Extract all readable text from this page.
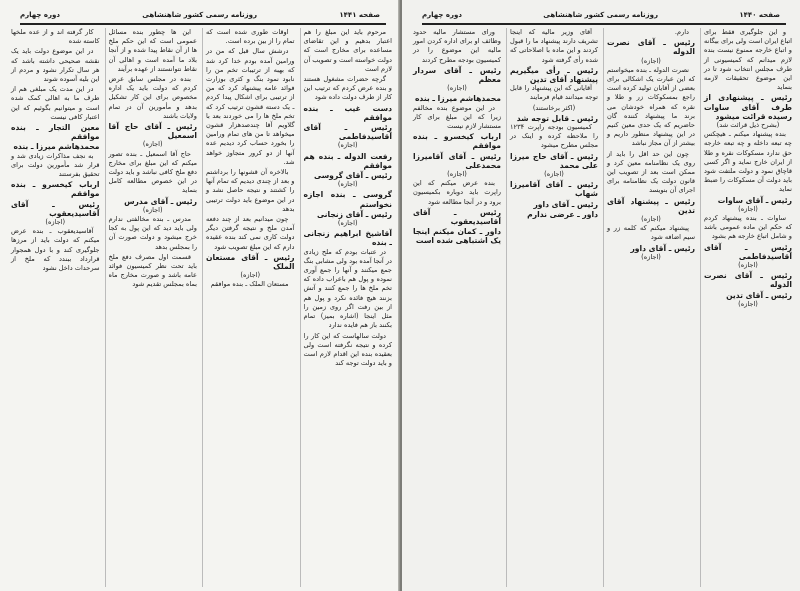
صفحه ۱۴۴۱
روزنامه رسمی کشور شاهنشاهی
دوره چهارم

مرحوم باید این مبلغ را هم اعتبار بدهیم و این تقاضای مساعده برای مخارج است که دولت خواسته است و تصویب آن لازم است

گرچه حضرات مشغول هستند و بنده عرض کردم که ترتیب این کار از طرف دولت داده شود

دست غیب ـ بنده موافقم

رئیس ـ آقای آقاسیدفاطمی

(اجازه)

رفعت الدوله ـ بنده هم موافقم

رئیس ـ آقای گروسی

(اجازه)

گروسی ـ بنده اجازه نخواستم

رئیس ـ آقای زنجانی

(اجازه)

آقاشیخ ابراهیم زنجانی ـ بنده

در عتبات بودم که ملح زیادی در آنجا آمده بود ولی مشابی بنگ جمع میکنند و آنها را جمع آوری نموده و پول هم باعراب داده که تخم ملخ ها را جمع کنند و آتش بزنند هیچ فائده نکرد و پول هم از بین رفت اگر روی زمین را مثل اینجا (اشاره بمیز) تمام بکنند باز هم فایده ندارد

دولت سالهاست که این کار را کرده و نتیجه نگرفته است ولی بعقیده بنده این اقدام لازم است و باید دولت توجه کند

اوقات طوری شده است که تمام را از بین برده است.

درشش سال قبل که من در ورامین آمده بودم خدا کرد شد که بهبه از ترتیبات تخم من را نابود نمود بنگ و کثری بوزارت فوائد عامه پیشنهاد کرد که من از ترتیبی برای اشکال پیدا کردم ـ یک دسته قشون ترتیب کرد که تخم ملخ ها را می خوردند بعد با گلاویم آقا چندصدهزار قشون میخواهد تا من های تمام ورامین را بخورد حساب کرد دیدیم عده آنها از دو کرور متجاوز خواهد شد.

بالاخره آن قشونها را برداشتم و بعد از چندی دیدیم که تمام آنها را کشتند و نتیجه حاصل نشد و در این موضوع باید دولت ترتیبی بدهد

چون میدانیم بعد از چند دفعه آمدن ملخ و نتیجه گرفتن دیگر دولت کاری نمی کند بنده عقیده دارم که این مبلغ تصویب شود

رئیس ـ آقای مستعان الملک

(اجازه)

مستعان الملک ـ بنده موافقم

این ها چطور بنده مسائل عمومی است که این حکم ملخ ها از آن نقاط پیدا شده و از آنجا بلاد ما آمده است و اهالی آن نقاط نتوانستند از عهده برآیند

بنده در مجلس سابق عرض کردم که دولت باید یک اداره مخصوص برای این کار تشکیل بدهد و مأمورین آن در تمام ولایات باشند

رئیس ـ آقای حاج آقا اسمعیل

(اجازه)

حاج آقا اسمعیل ـ بنده تصور میکنم که این مبلغ برای مخارج دفع ملخ کافی نباشد و باید دولت در این خصوص مطالعه کامل بنماید

رئیس ـ آقای مدرس

(اجازه)

مدرس ـ بنده مخالفتی ندارم ولی باید دید که این پول به کجا خرج میشود و دولت صورت آن را بمجلس بدهد

قسمت اول مصرف دفع ملخ باید تحت نظر کمیسیون فوائد عامه باشد و صورت مخارج ماه بماه بمجلس تقدیم شود

کار گرفته اند و از عده ملخها کاسته شده

در این موضوع دولت باید یک نقشه صحیحی داشته باشد که هر سال تکرار نشود و مردم از این بلیه آسوده شوند

در این مدت یک مبلغی هم از طرف ما به اهالی کمک شده است و میتوانیم بگوئیم که این اعتبار کافی نیست

معین التجار ـ بنده موافقم

محمدهاشم میرزا ـ بنده

به نجف مذاکرات زیادی شد و قرار شد مأمورین دولت برای تحقیق بفرستند

ارباب کیخسرو ـ بنده موافقم

رئیس ـ آقای آقاسیدیعقوب

(اجازه)

آقاسیدیعقوب ـ بنده عرض میکنم که دولت باید از مرزها جلوگیری کند و با دول همجوار قرارداد ببندد که ملخ از سرحدات داخل نشود

صفحه ۱۴۴۰
روزنامه رسمی کشور شاهنشاهی
دوره چهارم

و این جلوگیری فقط برای اتباع ایران است ولی برای بیگانه و اتباع خارجه ممنوع نیست بنده لازم میدانم که کمیسیونی از طرف مجلس انتخاب شود تا در این موضوع تحقیقات لازمه بنماید

رئیس ـ پیشنهادی از طرف آقای ساوات رسیده قرائت میشود

(بشرح ذیل قرائت شد)

بنده پیشنهاد میکنم ـ هیچکس چه تبعه داخله و چه تبعه خارجه حق ندارد مسکوکات نقره و طلا از ایران خارج نماید و اگر کسی قاچاق نمود و دولت ملتفت شود باید دولت آن مسکوکات را ضبط نماید

رئیس ـ آقای ساوات

(اجازه)

ساوات ـ بنده پیشنهاد کردم که حکم این ماده عمومی باشد و شامل اتباع خارجه هم بشود

رئیس ـ آقای آقاسیدفاطمی

(اجازه)

رئیس ـ آقای نصرت الدوله

رئیس ـ آقای تدین

(اجازه)

دارم.

رئیس ـ آقای نصرت الدوله

(اجازه)

نصرت الدوله ـ بنده میخواستم که این عبارت یک اشکالی برای بعضی از آقایان تولید کرده است راجع بمسکوکات زر و طلا و نقره که همراه خودشان می برند ما پیشنهاد کننده گان حاضریم که یک حدی معین کنیم در این پیشنهاد منظور داریم و بیشتر از آن مجاز نباشد

چون این حد اقل را باید از روی یک نظامنامه معین کرد و ممکن است بعد از تصویب این قانون دولت یک نظامنامه برای اجرای آن بنویسد

رئیس ـ پیشنهاد آقای تدین

(اجازه)

پیشنهاد میکنم که کلمه زر و سیم اضافه شود

رئیس ـ آقای داور

(اجازه)

آقای وزیر مالیه که اینجا تشریف دارند پیشنهاد ما را قبول کردند و این ماده با اصلاحاتی که شده رأی گرفته شود

رئیس ـ رأی میگیریم پیشنهاد آقای تدین

آقایانی که این پیشنهاد را قابل توجه میدانند قیام فرمایند

(اکثر برخاستند)

رئیس ـ قابل توجه شد

کمیسیون بودجه راپرت ۱۲۳۴ را ملاحظه کرده و اینک در مجلس مطرح میشود

رئیس ـ آقای حاج میرزا علی محمد

(اجازه)

رئیس ـ آقای آقامیرزا شهاب

رئیس ـ آقای داور

داور ـ عرضی ندارم

ورای مستشار مالیه حدود وظائف او برای اداره کردن امور مالیه این موضوع را در کمیسیون بودجه مطرح کردند

رئیس ـ آقای سردار معظم

(اجازه)

محمدهاشم میرزا ـ بنده

در این موضوع بنده مخالفم زیرا که این مبلغ برای کار مستشار لازم نیست

ارباب کیخسرو ـ بنده موافقم

رئیس ـ آقای آقامیرزا محمدعلی

(اجازه)

بنده عرض میکنم که این راپرت باید دوباره بکمیسیون برود و در آنجا مطالعه شود

رئیس ـ آقای آقاسیدیعقوب

داور ـ کمان میکنم اینجا یک اشتباهی شده است
